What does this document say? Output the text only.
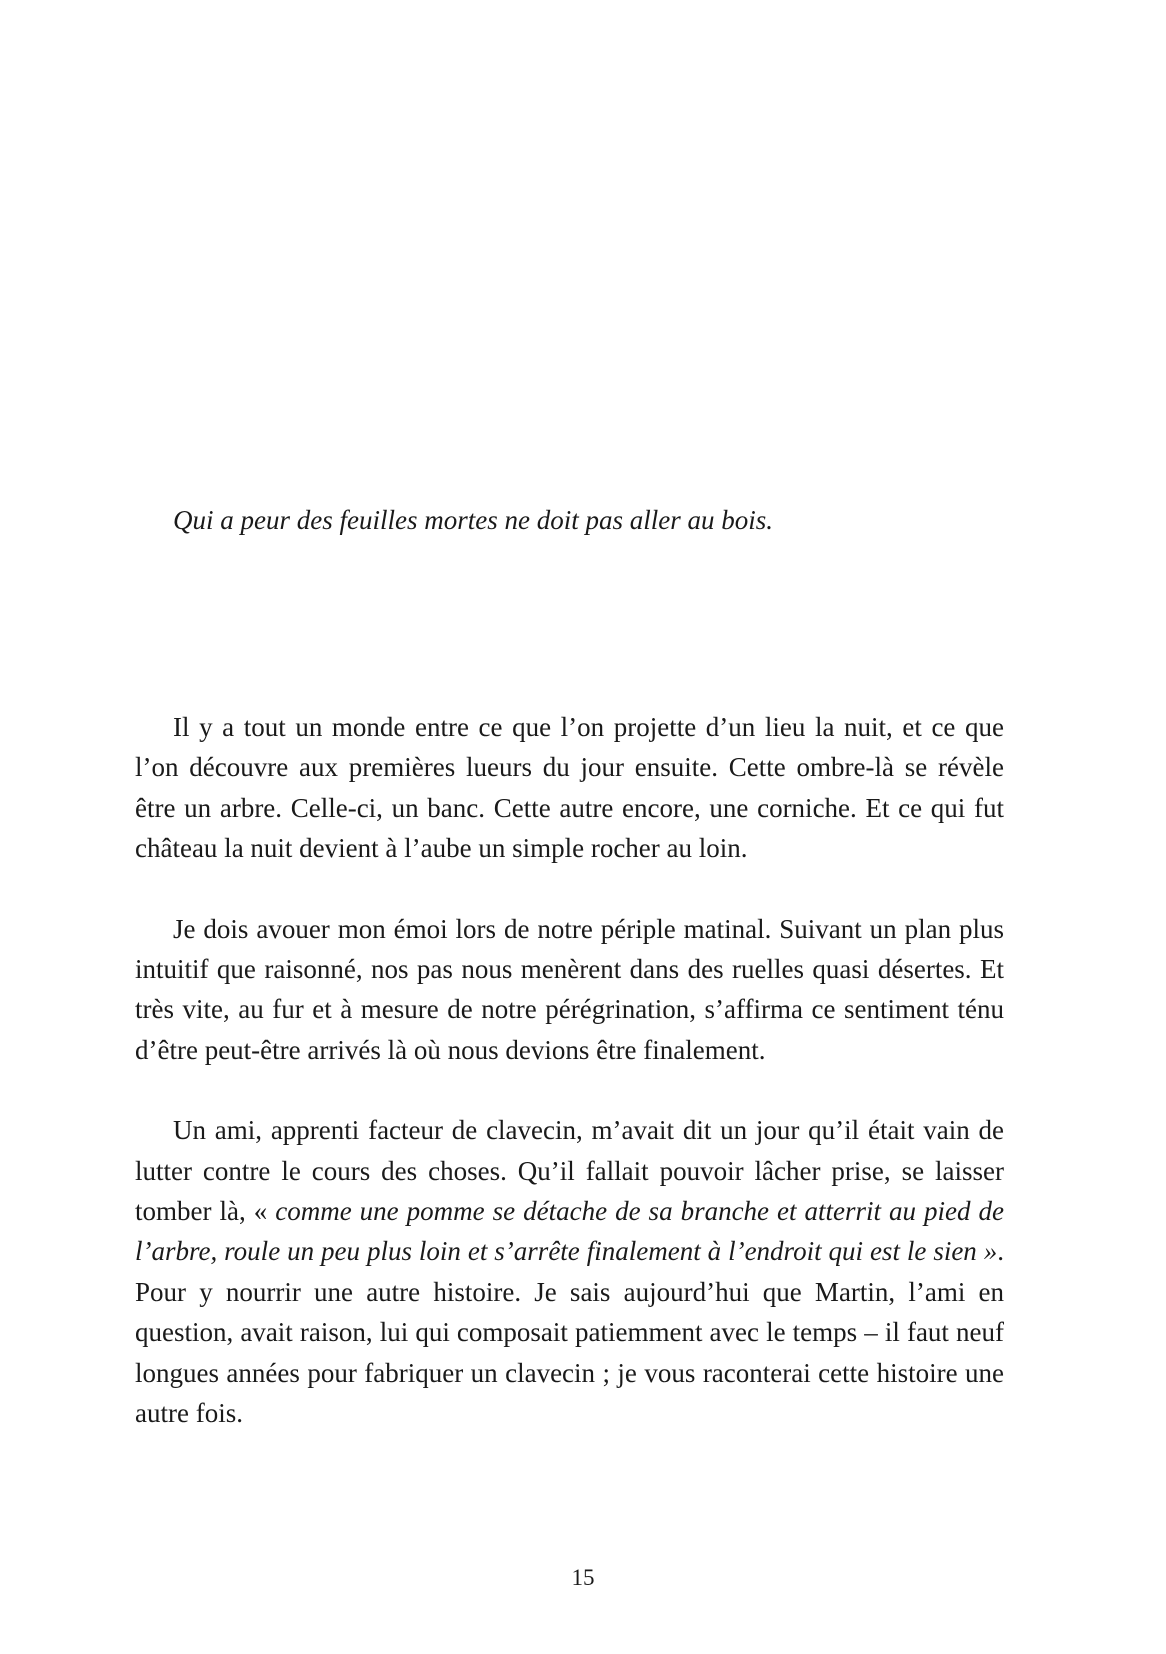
Qui a peur des feuilles mortes ne doit pas aller au bois.

Il y a tout un monde entre ce que l’on projette d’un lieu la nuit, et ce que l’on découvre aux premières lueurs du jour ensuite. Cette ombre-là se révèle être un arbre. Celle-ci, un banc. Cette autre encore, une corniche. Et ce qui fut château la nuit devient à l’aube un simple rocher au loin.

Je dois avouer mon émoi lors de notre périple matinal. Suivant un plan plus intuitif que raisonné, nos pas nous menèrent dans des ruelles quasi désertes. Et très vite, au fur et à mesure de notre pérégrination, s’affirma ce sentiment ténu d’être peut-être arrivés là où nous devions être finalement.

Un ami, apprenti facteur de clavecin, m’avait dit un jour qu’il était vain de lutter contre le cours des choses. Qu’il fallait pouvoir lâcher prise, se laisser tomber là, « comme une pomme se détache de sa branche et atterrit au pied de l’arbre, roule un peu plus loin et s’arrête finalement à l’endroit qui est le sien ». Pour y nourrir une autre histoire. Je sais aujourd’hui que Martin, l’ami en question, avait raison, lui qui composait patiemment avec le temps – il faut neuf longues années pour fabriquer un clavecin ; je vous raconterai cette histoire une autre fois.

15
